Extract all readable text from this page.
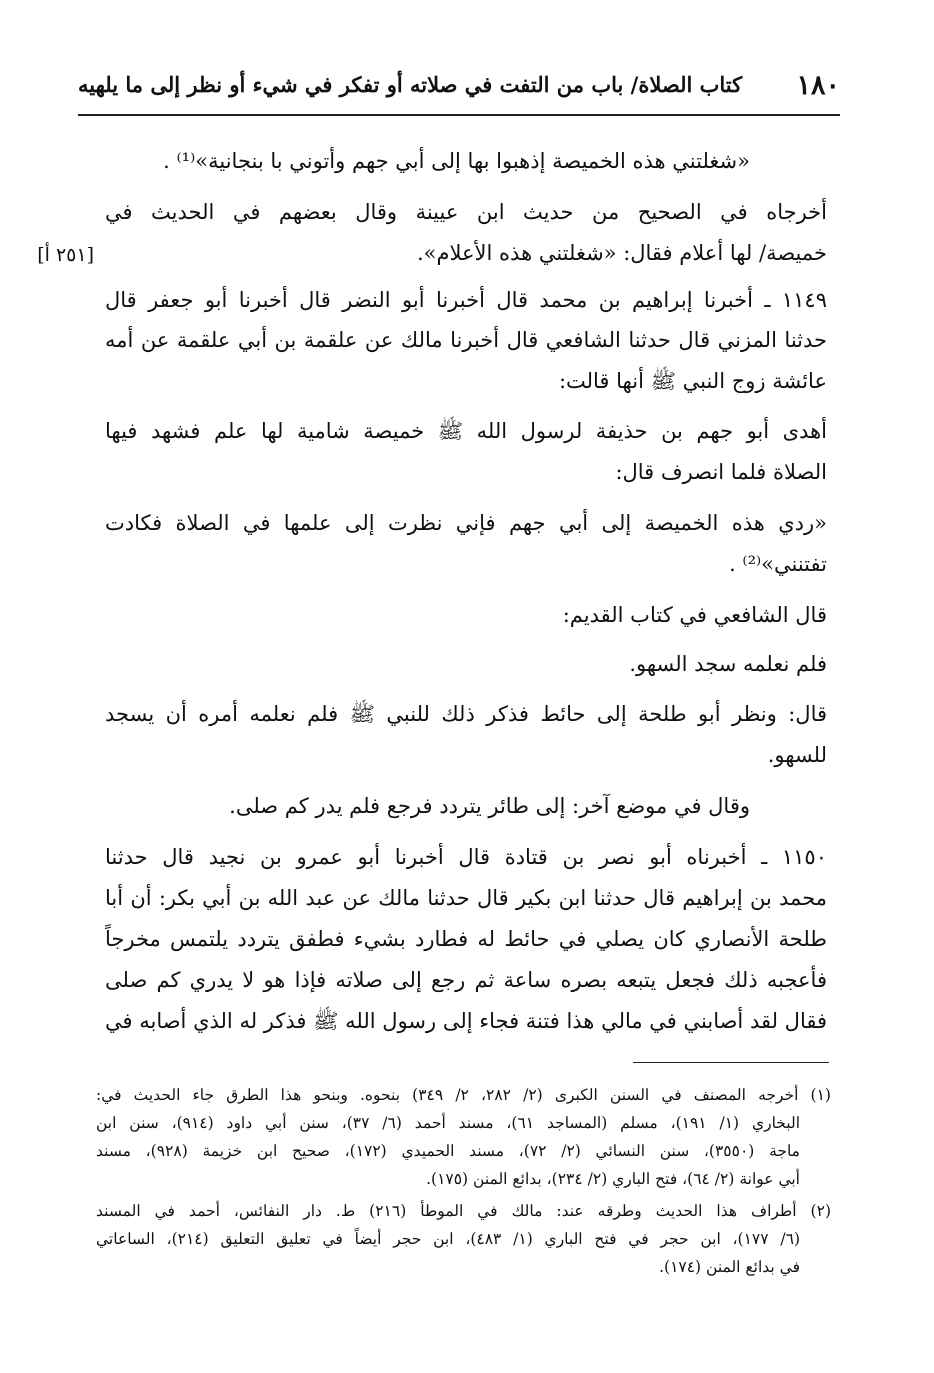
١٨٠
كتاب الصلاة/ باب من التفت في صلاته أو تفكر في شيء أو نظر إلى ما يلهيه
«شغلتني هذه الخميصة إذهبوا بها إلى أبي جهم وأتوني با بنجانية»⁽¹⁾ .
أخرجاه في الصحيح من حديث ابن عيينة وقال بعضهم في الحديث في
خميصة/ لها أعلام فقال: «شغلتني هذه الأعلام».
[٢٥١ أ]
١١٤٩ ـ أخبرنا إبراهيم بن محمد قال أخبرنا أبو النضر قال أخبرنا أبو جعفر قال
حدثنا المزني قال حدثنا الشافعي قال أخبرنا مالك عن علقمة بن أبي علقمة عن أمه
عائشة زوج النبي ﷺ أنها قالت:
أهدى أبو جهم بن حذيفة لرسول الله ﷺ خميصة شامية لها علم فشهد فيها
الصلاة فلما انصرف قال:
«ردي هذه الخميصة إلى أبي جهم فإني نظرت إلى علمها في الصلاة فكادت
تفتنني»⁽²⁾ .
قال الشافعي في كتاب القديم:
فلم نعلمه سجد السهو.
قال: ونظر أبو طلحة إلى حائط فذكر ذلك للنبي ﷺ فلم نعلمه أمره أن يسجد
للسهو.
وقال في موضع آخر: إلى طائر يتردد فرجع فلم يدر كم صلى.
١١٥٠ ـ أخبرناه أبو نصر بن قتادة قال أخبرنا أبو عمرو بن نجيد قال حدثنا
محمد بن إبراهيم قال حدثنا ابن بكير قال حدثنا مالك عن عبد الله بن أبي بكر: أن أبا
طلحة الأنصاري كان يصلي في حائط له فطارد بشيء فطفق يتردد يلتمس مخرجاً
فأعجبه ذلك فجعل يتبعه بصره ساعة ثم رجع إلى صلاته فإذا هو لا يدري كم صلى
فقال لقد أصابني في مالي هذا فتنة فجاء إلى رسول الله ﷺ فذكر له الذي أصابه في
(١) أخرجه المصنف في السنن الكبرى (٢/ ٢٨٢، ٢/ ٣٤٩) بنحوه. وبنحو هذا الطرق جاء الحديث في:
البخاري (١/ ١٩١)، مسلم (المساجد ٦١)، مسند أحمد (٦/ ٣٧)، سنن أبي داود (٩١٤)، سنن ابن
ماجة (٣٥٥٠)، سنن النسائي (٢/ ٧٢)، مسند الحميدي (١٧٢)، صحيح ابن خزيمة (٩٢٨)، مسند
أبي عوانة (٢/ ٦٤)، فتح الباري (٢/ ٢٣٤)، بدائع المنن (١٧٥).
(٢) أطراف هذا الحديث وطرقه عند: مالك في الموطأ (٢١٦) ط. دار النفائس، أحمد في المسند
(٦/ ١٧٧)، ابن حجر في فتح الباري (١/ ٤٨٣)، ابن حجر أيضاً في تعليق التعليق (٢١٤)، الساعاتي
في بدائع المنن (١٧٤).
